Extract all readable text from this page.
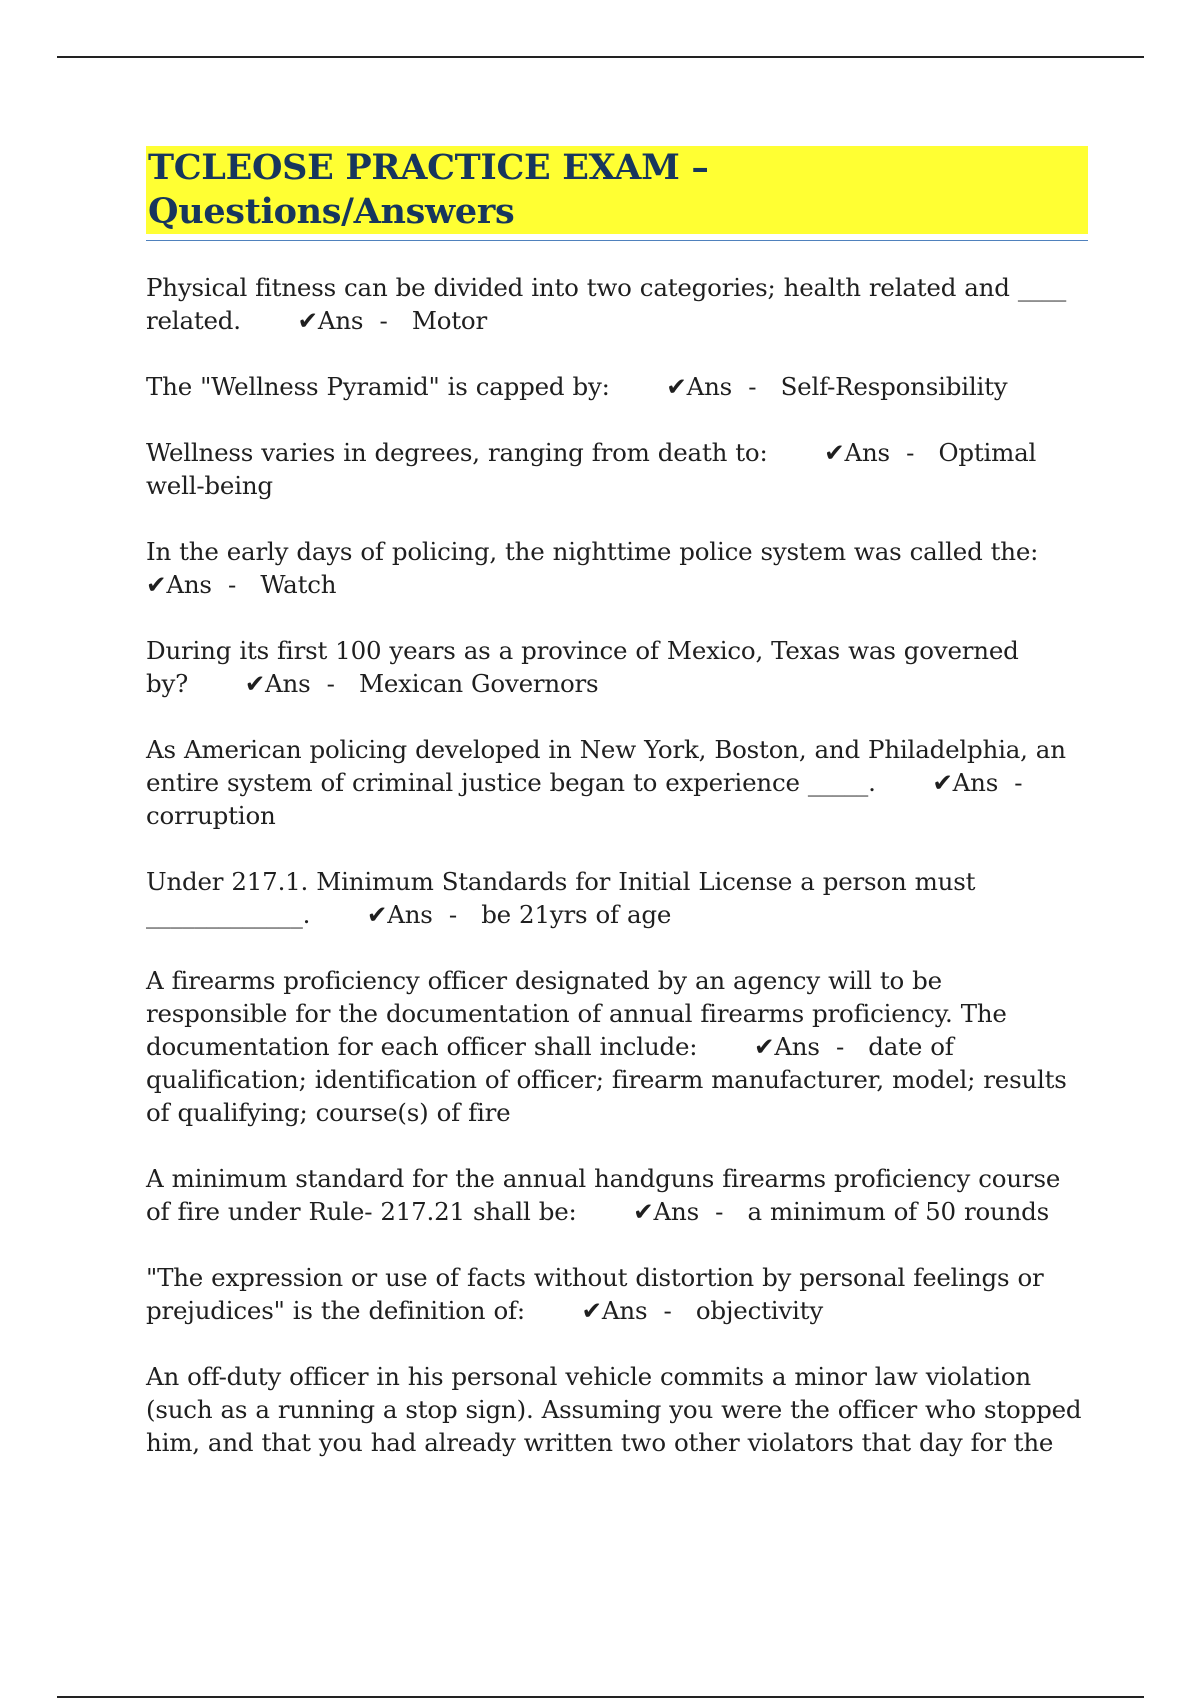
TCLEOSE PRACTICE EXAM – Questions/Answers

Physical fitness can be divided into two categories; health related and ____ related. ✔Ans  -   Motor

The "Wellness Pyramid" is capped by: ✔Ans  -   Self-Responsibility

Wellness varies in degrees, ranging from death to: ✔Ans  -   Optimal well-being

In the early days of policing, the nighttime police system was called the:       ✔Ans  -   Watch

During its first 100 years as a province of Mexico, Texas was governed by? ✔Ans  -   Mexican Governors

As American policing developed in New York, Boston, and Philadelphia, an entire system of criminal justice began to experience _____. ✔Ans  -   corruption

Under 217.1. Minimum Standards for Initial License a person must _____________. ✔Ans  -   be 21yrs of age

A firearms proficiency officer designated by an agency will to be responsible for the documentation of annual firearms proficiency. The documentation for each officer shall include: ✔Ans  -   date of qualification; identification of officer; firearm manufacturer, model; results of qualifying; course(s) of fire

A minimum standard for the annual handguns firearms proficiency course of fire under Rule- 217.21 shall be: ✔Ans  -   a minimum of 50 rounds

"The expression or use of facts without distortion by personal feelings or prejudices" is the definition of: ✔Ans  -   objectivity

An off-duty officer in his personal vehicle commits a minor law violation (such as a running a stop sign). Assuming you were the officer who stopped him, and that you had already written two other violators that day for the
